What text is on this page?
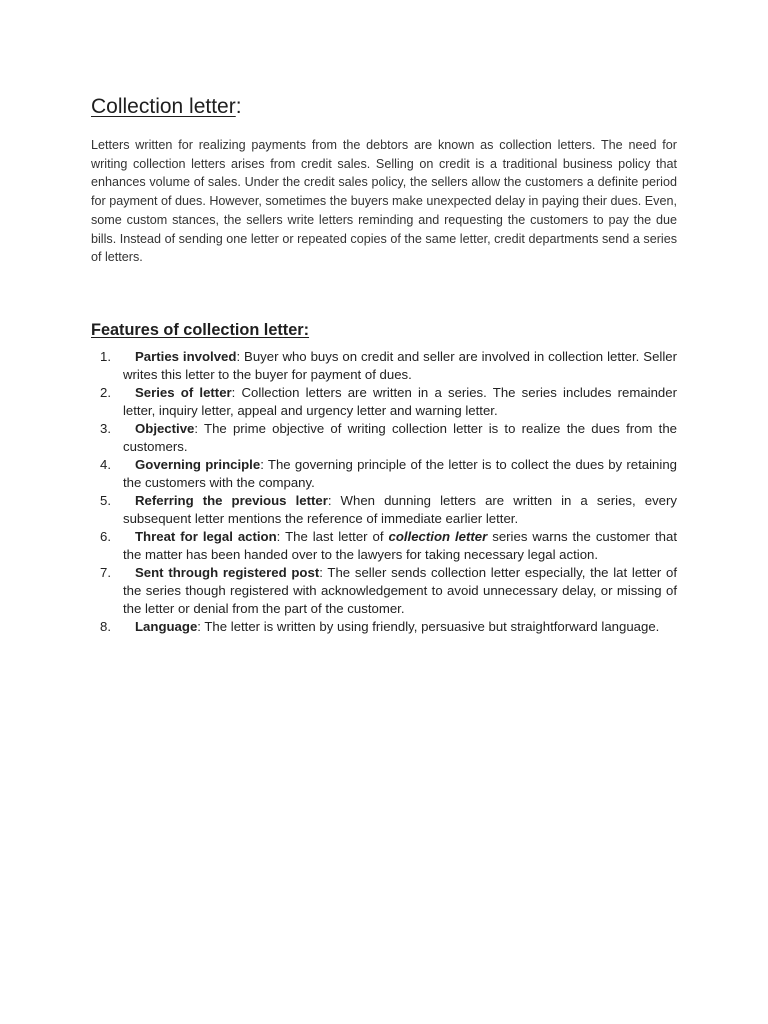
Collection letter:

Letters written for realizing payments from the debtors are known as collection letters. The need for writing collection letters arises from credit sales. Selling on credit is a traditional business policy that enhances volume of sales. Under the credit sales policy, the sellers allow the customers a definite period for payment of dues. However, sometimes the buyers make unexpected delay in paying their dues. Even, some custom stances, the sellers write letters reminding and requesting the customers to pay the due bills. Instead of sending one letter or repeated copies of the same letter, credit departments send a series of letters.

Features of collection letter:
1. Parties involved: Buyer who buys on credit and seller are involved in collection letter. Seller writes this letter to the buyer for payment of dues.
2. Series of letter: Collection letters are written in a series. The series includes remainder letter, inquiry letter, appeal and urgency letter and warning letter.
3. Objective: The prime objective of writing collection letter is to realize the dues from the customers.
4. Governing principle: The governing principle of the letter is to collect the dues by retaining the customers with the company.
5. Referring the previous letter: When dunning letters are written in a series, every subsequent letter mentions the reference of immediate earlier letter.
6. Threat for legal action: The last letter of collection letter series warns the customer that the matter has been handed over to the lawyers for taking necessary legal action.
7. Sent through registered post: The seller sends collection letter especially, the lat letter of the series though registered with acknowledgement to avoid unnecessary delay, or missing of the letter or denial from the part of the customer.
8. Language: The letter is written by using friendly, persuasive but straightforward language.
